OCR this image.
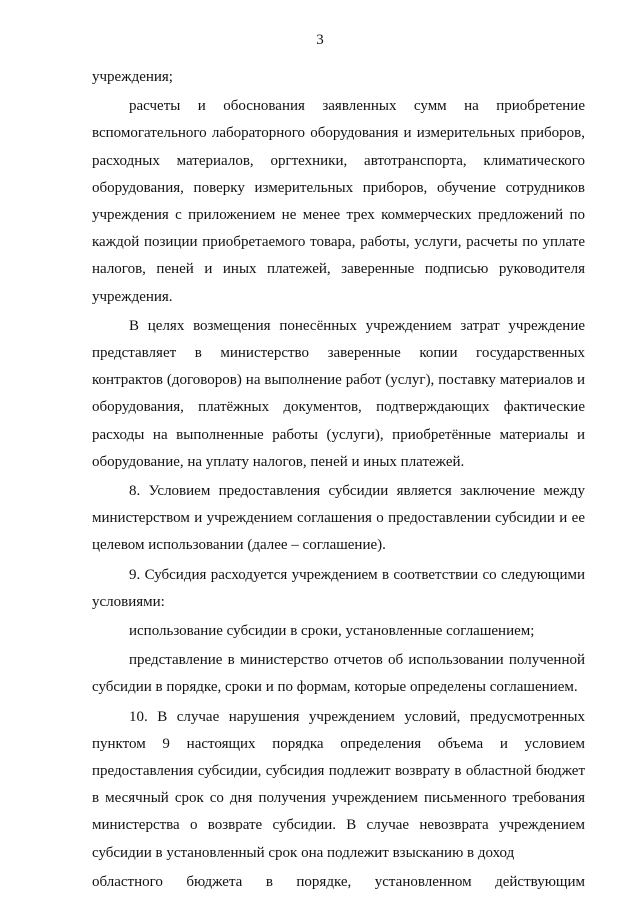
3

учреждения;

расчеты и обоснования заявленных сумм на приобретение вспомогательного лабораторного оборудования и измерительных приборов, расходных материалов, оргтехники, автотранспорта, климатического оборудования, поверку измерительных приборов, обучение сотрудников учреждения с приложением не менее трех коммерческих предложений по каждой позиции приобретаемого товара, работы, услуги, расчеты по уплате налогов, пеней и иных платежей, заверенные подписью руководителя учреждения.

В целях возмещения понесённых учреждением затрат учреждение представляет в министерство заверенные копии государственных контрактов (договоров) на выполнение работ (услуг), поставку материалов и оборудования, платёжных документов, подтверждающих фактические расходы на выполненные работы (услуги), приобретённые материалы и оборудование, на уплату налогов, пеней и иных платежей.

8. Условием предоставления субсидии является заключение между министерством и учреждением соглашения о предоставлении субсидии и ее целевом использовании (далее – соглашение).

9. Субсидия расходуется учреждением в соответствии со следующими условиями:

использование субсидии в сроки, установленные соглашением;

представление в министерство отчетов об использовании полученной субсидии в порядке, сроки и по формам, которые определены соглашением.

10. В случае нарушения учреждением условий, предусмотренных пунктом 9 настоящих порядка определения объема и условием предоставления субсидии, субсидия подлежит возврату в областной бюджет в месячный срок со дня получения учреждением письменного требования министерства о возврате субсидии. В случае невозврата учреждением субсидии в установленный срок она подлежит взысканию в доход

областного бюджета в порядке, установленном действующим
